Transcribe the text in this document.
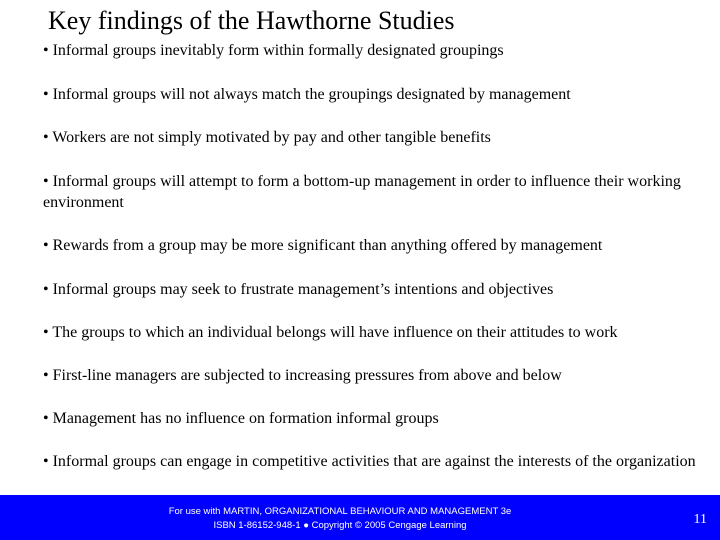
Key findings of the Hawthorne Studies
• Informal groups inevitably form within formally designated groupings
• Informal groups will not always match the groupings designated by management
• Workers are not simply motivated by pay and other tangible benefits
• Informal groups will attempt to form a bottom-up management in order to influence their working environment
• Rewards from a group may be more significant than anything offered by management
• Informal groups may seek to frustrate management’s intentions and objectives
• The groups to which an individual belongs will have influence on their attitudes to work
• First-line managers are subjected to increasing pressures from above and below
• Management has no influence on formation informal groups
• Informal groups can engage in competitive activities that are against the interests of the organization
For use with MARTIN, ORGANIZATIONAL BEHAVIOUR AND MANAGEMENT 3e
ISBN 1-86152-948-1 ● Copyright © 2005 Cengage Learning	11
